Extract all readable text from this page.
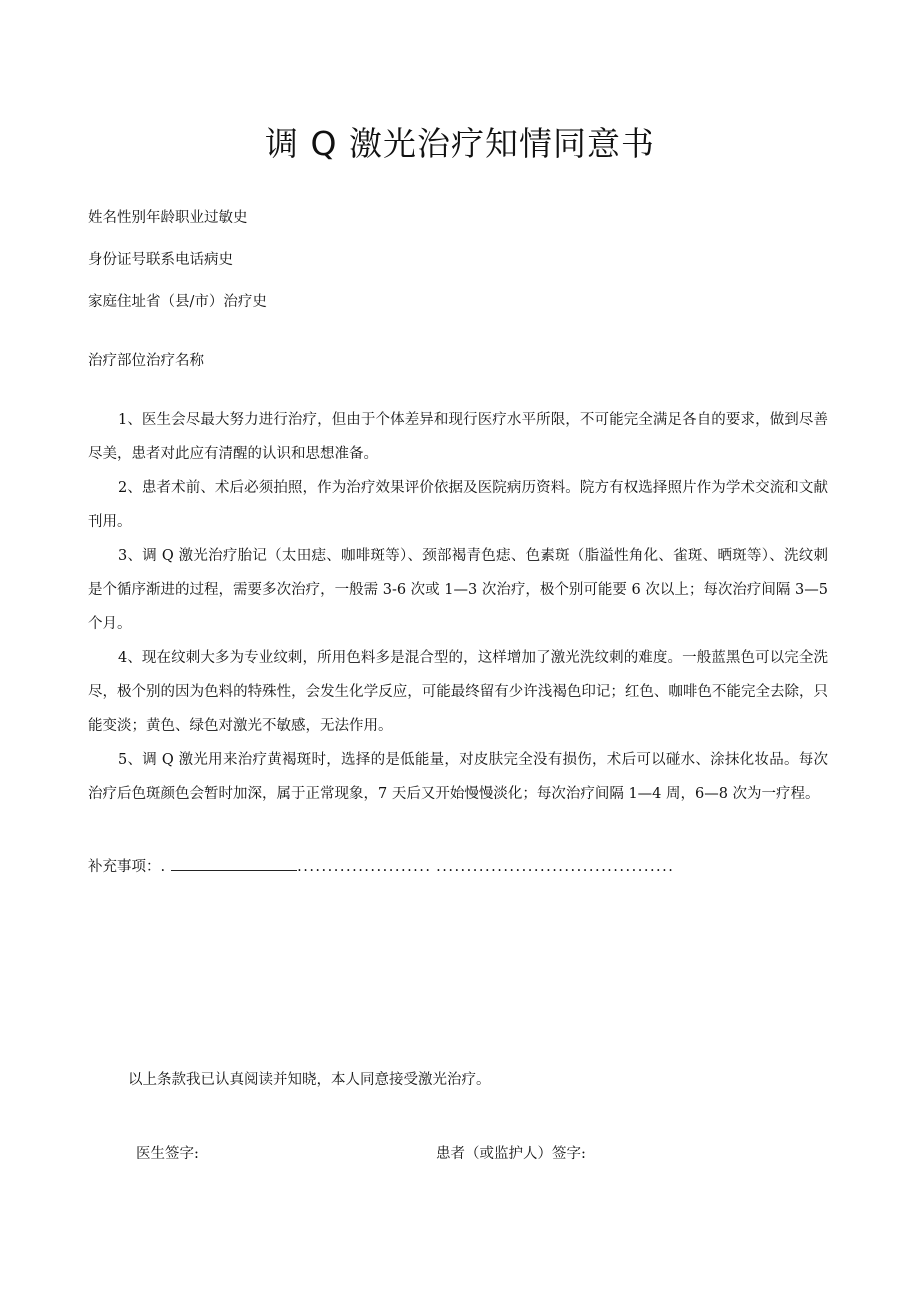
调 Q 激光治疗知情同意书
姓名性别年龄职业过敏史
身份证号联系电话病史
家庭住址省（县/市）治疗史
治疗部位治疗名称

1、医生会尽最大努力进行治疗，但由于个体差异和现行医疗水平所限，不可能完全满足各自的要求，做到尽善尽美，患者对此应有清醒的认识和思想准备。

2、患者术前、术后必须拍照，作为治疗效果评价依据及医院病历资料。院方有权选择照片作为学术交流和文献刊用。

3、调 Q 激光治疗胎记（太田痣、咖啡斑等）、颈部褐青色痣、色素斑（脂溢性角化、雀斑、晒斑等）、洗纹刺是个循序渐进的过程，需要多次治疗，一般需 3-6 次或 1—3 次治疗，极个别可能要 6 次以上；每次治疗间隔 3—5 个月。

4、现在纹刺大多为专业纹刺，所用色料多是混合型的，这样增加了激光洗纹刺的难度。一般蓝黑色可以完全洗尽，极个别的因为色料的特殊性，会发生化学反应，可能最终留有少许浅褐色印记；红色、咖啡色不能完全去除，只能变淡；黄色、绿色对激光不敏感，无法作用。

5、调 Q 激光用来治疗黄褐斑时，选择的是低能量，对皮肤完全没有损伤，术后可以碰水、涂抹化妆品。每次治疗后色斑颜色会暂时加深，属于正常现象，7 天后又开始慢慢淡化；每次治疗间隔 1—4 周，6—8 次为一疗程。

补充事项：.	...................... .......................................
以上条款我已认真阅读并知晓，本人同意接受激光治疗。
医生签字:	患者（或监护人）签字:
